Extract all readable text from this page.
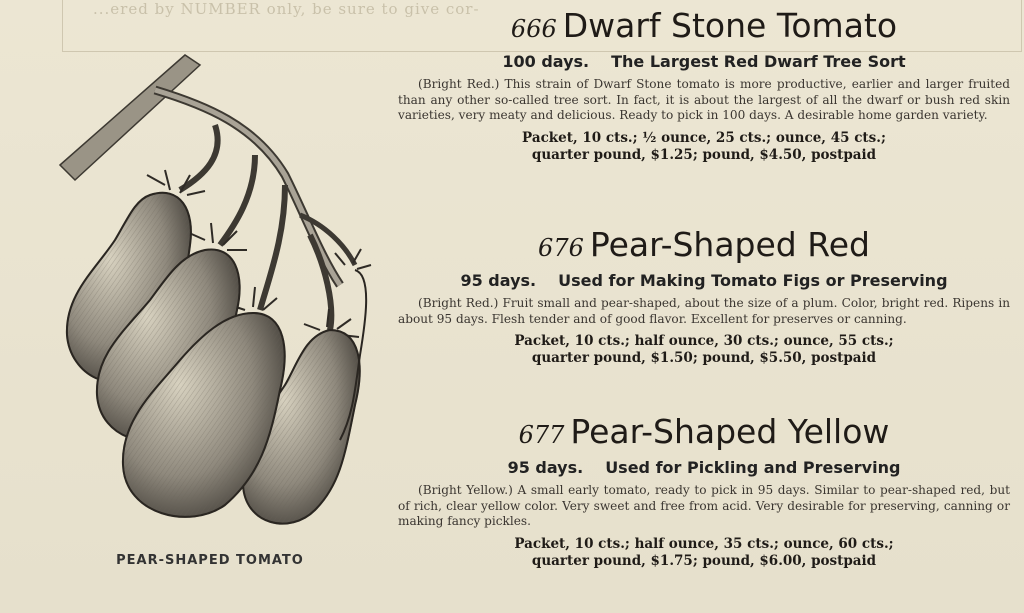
...ered by NUMBER only, be sure to give cor-
PEAR-SHAPED TOMATO
666 Dwarf Stone Tomato
100 days. The Largest Red Dwarf Tree Sort
(Bright Red.) This strain of Dwarf Stone tomato is more productive, earlier and larger fruited than any other so-called tree sort. In fact, it is about the largest of all the dwarf or bush red skin varieties, very meaty and delicious. Ready to pick in 100 days. A desirable home garden variety.
Packet, 10 cts.; ½ ounce, 25 cts.; ounce, 45 cts.;
quarter pound, $1.25; pound, $4.50, postpaid
676 Pear-Shaped Red
95 days. Used for Making Tomato Figs or Preserving
(Bright Red.) Fruit small and pear-shaped, about the size of a plum. Color, bright red. Ripens in about 95 days. Flesh tender and of good flavor. Excellent for preserves or canning.
Packet, 10 cts.; half ounce, 30 cts.; ounce, 55 cts.;
quarter pound, $1.50; pound, $5.50, postpaid
677 Pear-Shaped Yellow
95 days. Used for Pickling and Preserving
(Bright Yellow.) A small early tomato, ready to pick in 95 days. Similar to pear-shaped red, but of rich, clear yellow color. Very sweet and free from acid. Very desirable for preserving, canning or making fancy pickles.
Packet, 10 cts.; half ounce, 35 cts.; ounce, 60 cts.;
quarter pound, $1.75; pound, $6.00, postpaid
